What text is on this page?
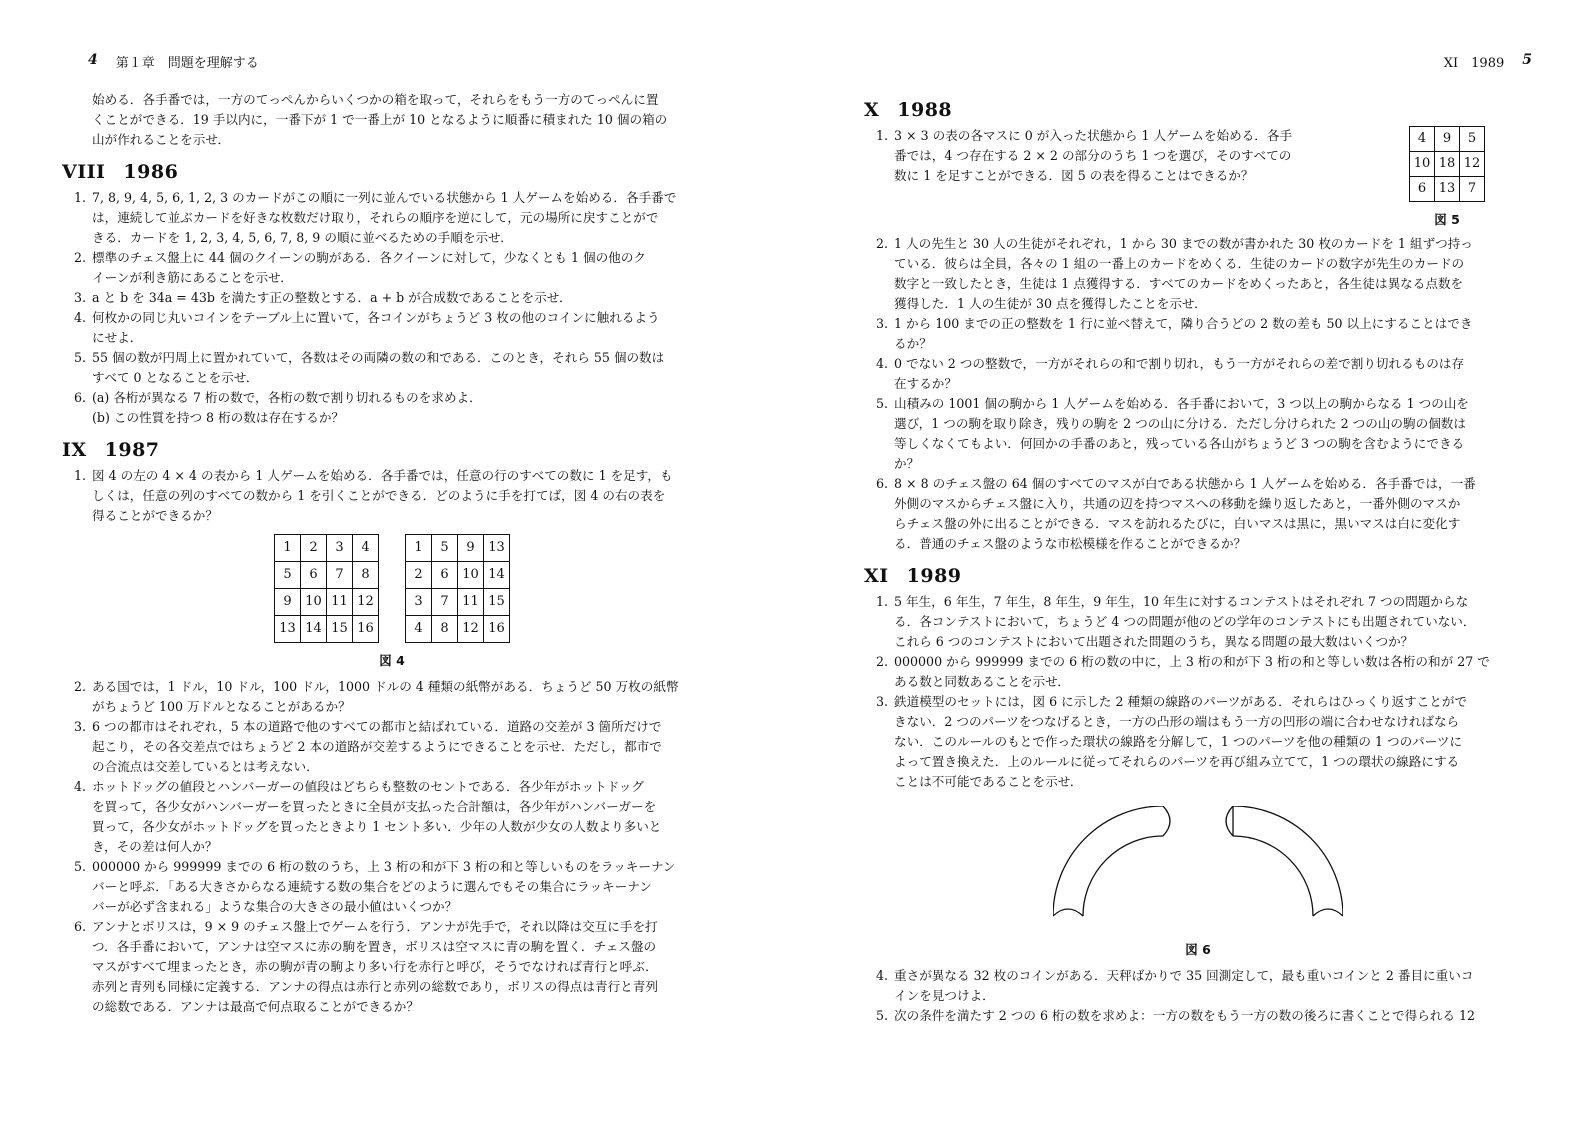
4 第１章　問題を理解する
始める．各手番では，一方のてっぺんからいくつかの箱を取って，それらをもう一方のてっぺんに置
くことができる．19 手以内に，一番下が 1 で一番上が 10 となるように順番に積まれた 10 個の箱の
山が作れることを示せ．
VIII 1986
1. 7, 8, 9, 4, 5, 6, 1, 2, 3 のカードがこの順に一列に並んでいる状態から 1 人ゲームを始める．各手番で
は，連続して並ぶカードを好きな枚数だけ取り，それらの順序を逆にして，元の場所に戻すことがで
きる．カードを 1, 2, 3, 4, 5, 6, 7, 8, 9 の順に並べるための手順を示せ．
2. 標準のチェス盤上に 44 個のクイーンの駒がある．各クイーンに対して，少なくとも 1 個の他のク
イーンが利き筋にあることを示せ．
3. a と b を 34a = 43b を満たす正の整数とする．a + b が合成数であることを示せ．
4. 何枚かの同じ丸いコインをテーブル上に置いて，各コインがちょうど 3 枚の他のコインに触れるよう
にせよ．
5. 55 個の数が円周上に置かれていて，各数はその両隣の数の和である．このとき，それら 55 個の数は
すべて 0 となることを示せ．
6. (a) 各桁が異なる 7 桁の数で，各桁の数で割り切れるものを求めよ．
(b) この性質を持つ 8 桁の数は存在するか？
IX 1987
1. 図 4 の左の 4 × 4 の表から 1 人ゲームを始める．各手番では，任意の行のすべての数に 1 を足す，も
しくは，任意の列のすべての数から 1 を引くことができる．どのように手を打てば，図 4 の右の表を
得ることができるか？
1	2	3	4
5	6	7	8
9	10	11	12
13	14	15	16
1	5	9	13
2	6	10	14
3	7	11	15
4	8	12	16
図 4
2. ある国では，1 ドル，10 ドル，100 ドル，1000 ドルの 4 種類の紙幣がある．ちょうど 50 万枚の紙幣
がちょうど 100 万ドルとなることがあるか？
3. 6 つの都市はそれぞれ，5 本の道路で他のすべての都市と結ばれている．道路の交差が 3 箇所だけで
起こり，その各交差点ではちょうど 2 本の道路が交差するようにできることを示せ．ただし，都市で
の合流点は交差しているとは考えない．
4. ホットドッグの値段とハンバーガーの値段はどちらも整数のセントである．各少年がホットドッグ
を買って，各少女がハンバーガーを買ったときに全員が支払った合計額は，各少年がハンバーガーを
買って，各少女がホットドッグを買ったときより 1 セント多い．少年の人数が少女の人数より多いと
き，その差は何人か？
5. 000000 から 999999 までの 6 桁の数のうち，上 3 桁の和が下 3 桁の和と等しいものをラッキーナン
バーと呼ぶ．「ある大きさからなる連続する数の集合をどのように選んでもその集合にラッキーナン
バーが必ず含まれる」ような集合の大きさの最小値はいくつか？
6. アンナとボリスは，9 × 9 のチェス盤上でゲームを行う．アンナが先手で，それ以降は交互に手を打
つ．各手番において，アンナは空マスに赤の駒を置き，ボリスは空マスに青の駒を置く．チェス盤の
マスがすべて埋まったとき，赤の駒が青の駒より多い行を赤行と呼び，そうでなければ青行と呼ぶ．
赤列と青列も同様に定義する．アンナの得点は赤行と赤列の総数であり，ボリスの得点は青行と青列
の総数である．アンナは最高で何点取ることができるか？
XI　1989 5
X 1988
1. 3 × 3 の表の各マスに 0 が入った状態から 1 人ゲームを始める．各手
番では，4 つ存在する 2 × 2 の部分のうち 1 つを選び，そのすべての
数に 1 を足すことができる．図 5 の表を得ることはできるか？
4	9	5
10	18	12
6	13	7
図 5
2. 1 人の先生と 30 人の生徒がそれぞれ，1 から 30 までの数が書かれた 30 枚のカードを 1 組ずつ持っ
ている．彼らは全員，各々の 1 組の一番上のカードをめくる．生徒のカードの数字が先生のカードの
数字と一致したとき，生徒は 1 点獲得する．すべてのカードをめくったあと，各生徒は異なる点数を
獲得した．1 人の生徒が 30 点を獲得したことを示せ．
3. 1 から 100 までの正の整数を 1 行に並べ替えて，隣り合うどの 2 数の差も 50 以上にすることはでき
るか？
4. 0 でない 2 つの整数で，一方がそれらの和で割り切れ，もう一方がそれらの差で割り切れるものは存
在するか？
5. 山積みの 1001 個の駒から 1 人ゲームを始める．各手番において，3 つ以上の駒からなる 1 つの山を
選び，1 つの駒を取り除き，残りの駒を 2 つの山に分ける．ただし分けられた 2 つの山の駒の個数は
等しくなくてもよい．何回かの手番のあと，残っている各山がちょうど 3 つの駒を含むようにできる
か？
6. 8 × 8 のチェス盤の 64 個のすべてのマスが白である状態から 1 人ゲームを始める．各手番では，一番
外側のマスからチェス盤に入り，共通の辺を持つマスへの移動を繰り返したあと，一番外側のマスか
らチェス盤の外に出ることができる．マスを訪れるたびに，白いマスは黒に，黒いマスは白に変化す
る．普通のチェス盤のような市松模様を作ることができるか？
XI 1989
1. 5 年生，6 年生，7 年生，8 年生，9 年生，10 年生に対するコンテストはそれぞれ 7 つの問題からな
る．各コンテストにおいて，ちょうど 4 つの問題が他のどの学年のコンテストにも出題されていない．
これら 6 つのコンテストにおいて出題された問題のうち，異なる問題の最大数はいくつか？
2. 000000 から 999999 までの 6 桁の数の中に，上 3 桁の和が下 3 桁の和と等しい数は各桁の和が 27 で
ある数と同数あることを示せ．
3. 鉄道模型のセットには，図 6 に示した 2 種類の線路のパーツがある．それらはひっくり返すことがで
きない．2 つのパーツをつなげるとき，一方の凸形の端はもう一方の凹形の端に合わせなければなら
ない．このルールのもとで作った環状の線路を分解して，1 つのパーツを他の種類の 1 つのパーツに
よって置き換えた．上のルールに従ってそれらのパーツを再び組み立てて，1 つの環状の線路にする
ことは不可能であることを示せ．
図 6
4. 重さが異なる 32 枚のコインがある．天秤ばかりで 35 回測定して，最も重いコインと 2 番目に重いコ
インを見つけよ．
5. 次の条件を満たす 2 つの 6 桁の数を求めよ：一方の数をもう一方の数の後ろに書くことで得られる 12
